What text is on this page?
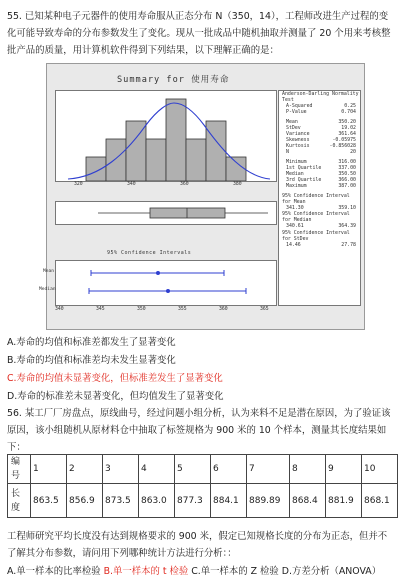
55. 已知某种电子元器件的使用寿命服从正态分布 N（350，14），工程师改进生产过程的变
化可能导致寿命的分布参数发生了变化。现从一批成品中随机抽取并测量了 20 个用来考核整
批产品的质量，用计算机软件得到下列结果，以下理解正确的是：
Summary for 使用寿命
320	340	360	380
95% Confidence Intervals
Mean
Median
340	345	350	355	360	365
Anderson-Darling Normality Test
A-Squared	0.25
P-Value	0.704
Mean	350.20
StDev	19.02
Variance	361.64
Skewness	-0.05975
Kurtosis	-0.856028
N	20
Minimum	316.00
1st Quartile	337.00
Median	350.50
3rd Quartile	366.00
Maximum	387.00
95% Confidence Interval for Mean
341.30	359.10
95% Confidence Interval for Median
340.61	364.39
95% Confidence Interval for StDev
14.46	27.78
A.寿命的均值和标准差都发生了显著变化
B.寿命的均值和标准差均未发生显著变化
C.寿命的均值未显著变化，但标准差发生了显著变化
D.寿命的标准差未显著变化，但均值发生了显著变化
56. 某工厂厂房盘点，原线曲号，经过问题小组分析，认为来料不足是潜在原因，为了验证该
原因，该小组随机从原材料仓中抽取了标签规格为 900 米的 10 个样本，测量其长度结果如
下：
编号	1	2	3	4	5	6	7	8	9	10
长度	863.5	856.9	873.5	863.0	877.3	884.1	889.89	868.4	881.9	868.1
工程师研究平均长度没有达到规格要求的 900 米，假定已知规格长度的分布为正态，但并不
了解其分布参数，请问用下列哪种统计方法进行分析：：
A.单一样本的比率检验 B.单一样本的 t 检验 C.单一样本的 Z 检验 D.方差分析（ANOVA）
